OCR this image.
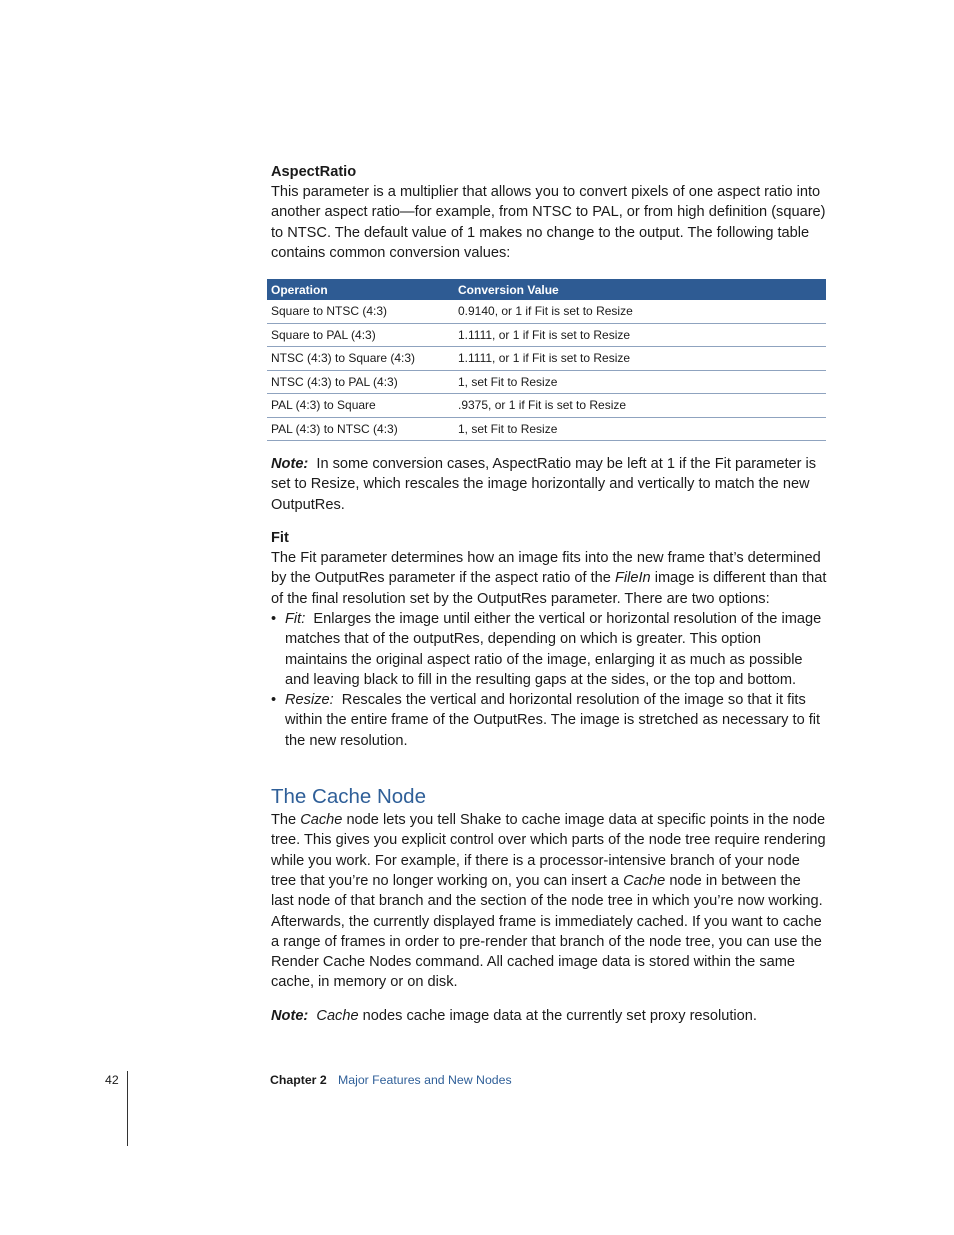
AspectRatio

This parameter is a multiplier that allows you to convert pixels of one aspect ratio into another aspect ratio—for example, from NTSC to PAL, or from high definition (square) to NTSC. The default value of 1 makes no change to the output. The following table contains common conversion values:

Operation	Conversion Value
Square to NTSC (4:3)	0.9140, or 1 if Fit is set to Resize
Square to PAL (4:3)	1.1111, or 1 if Fit is set to Resize
NTSC (4:3) to Square (4:3)	1.1111, or 1 if Fit is set to Resize
NTSC (4:3) to PAL (4:3)	1, set Fit to Resize
PAL (4:3) to Square	.9375, or 1 if Fit is set to Resize
PAL (4:3) to NTSC (4:3)	1, set Fit to Resize

Note: In some conversion cases, AspectRatio may be left at 1 if the Fit parameter is set to Resize, which rescales the image horizontally and vertically to match the new OutputRes.

Fit

The Fit parameter determines how an image fits into the new frame that’s determined by the OutputRes parameter if the aspect ratio of the FileIn image is different than that of the final resolution set by the OutputRes parameter. There are two options:

• Fit: Enlarges the image until either the vertical or horizontal resolution of the image matches that of the outputRes, depending on which is greater. This option maintains the original aspect ratio of the image, enlarging it as much as possible and leaving black to fill in the resulting gaps at the sides, or the top and bottom.
• Resize: Rescales the vertical and horizontal resolution of the image so that it fits within the entire frame of the OutputRes. The image is stretched as necessary to fit the new resolution.
The Cache Node

The Cache node lets you tell Shake to cache image data at specific points in the node tree. This gives you explicit control over which parts of the node tree require rendering while you work. For example, if there is a processor-intensive branch of your node tree that you’re no longer working on, you can insert a Cache node in between the last node of that branch and the section of the node tree in which you’re now working. Afterwards, the currently displayed frame is immediately cached. If you want to cache a range of frames in order to pre-render that branch of the node tree, you can use the Render Cache Nodes command. All cached image data is stored within the same cache, in memory or on disk.

Note: Cache nodes cache image data at the currently set proxy resolution.

42	Chapter 2 Major Features and New Nodes
